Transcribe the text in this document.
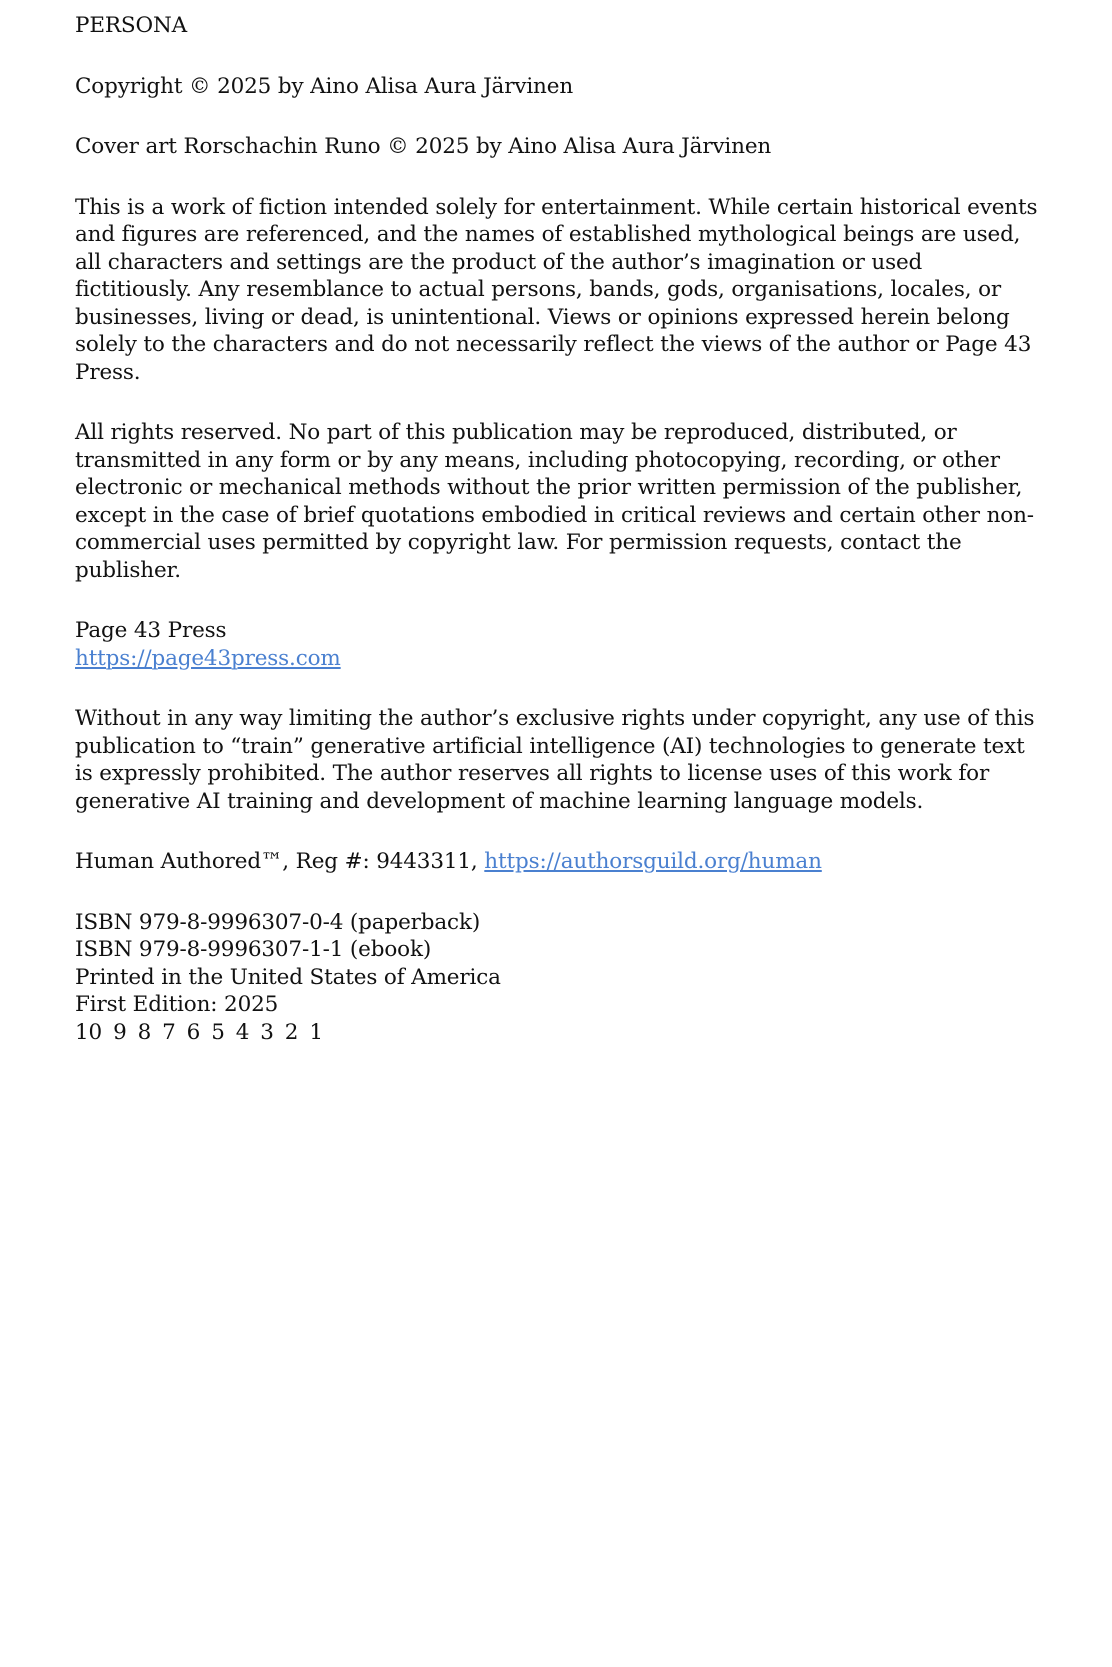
PERSONA

Copyright © 2025 by Aino Alisa Aura Järvinen

Cover art Rorschachin Runo © 2025 by Aino Alisa Aura Järvinen

This is a work of fiction intended solely for entertainment. While certain historical events and figures are referenced, and the names of established mythological beings are used, all characters and settings are the product of the author’s imagination or used fictitiously. Any resemblance to actual persons, bands, gods, organisations, locales, or businesses, living or dead, is unintentional. Views or opinions expressed herein belong solely to the characters and do not necessarily reflect the views of the author or Page 43 Press.

All rights reserved. No part of this publication may be reproduced, distributed, or transmitted in any form or by any means, including photocopying, recording, or other electronic or mechanical methods without the prior written permission of the publisher, except in the case of brief quotations embodied in critical reviews and certain other non-commercial uses permitted by copyright law. For permission requests, contact the publisher.

Page 43 Press

https://page43press.com

Without in any way limiting the author’s exclusive rights under copyright, any use of this publication to “train” generative artificial intelligence (AI) technologies to generate text is expressly prohibited. The author reserves all rights to license uses of this work for generative AI training and development of machine learning language models.

Human Authored™, Reg #: 9443311, https://authorsguild.org/human

ISBN 979-8-9996307-0-4 (paperback)

ISBN 979-8-9996307-1-1 (ebook)

Printed in the United States of America

First Edition: 2025

10 9 8 7 6 5 4 3 2 1
